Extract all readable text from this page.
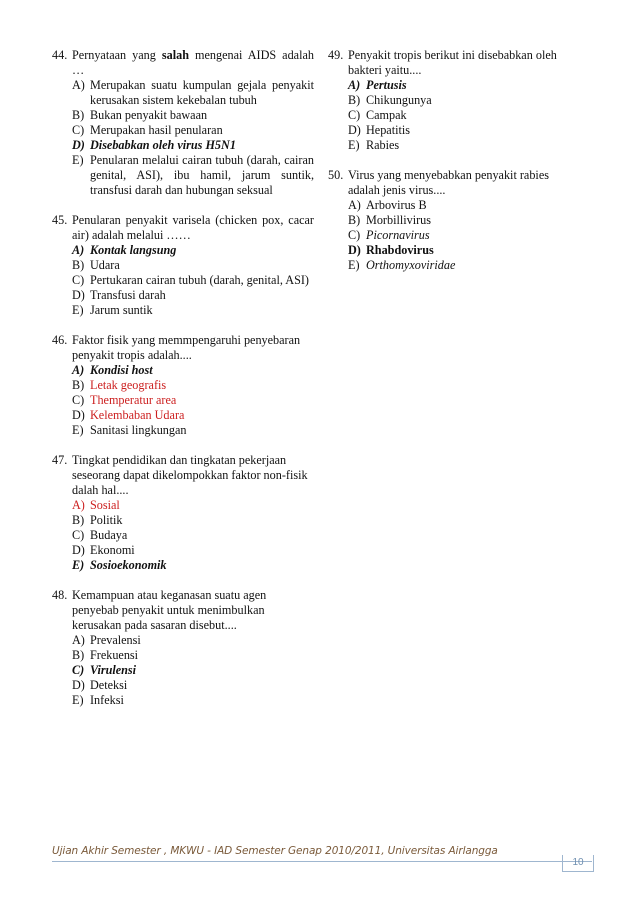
44. Pernyataan yang salah mengenai AIDS adalah …
A) Merupakan suatu kumpulan gejala penyakit kerusakan sistem kekebalan tubuh
B) Bukan penyakit bawaan
C) Merupakan hasil penularan
D) Disebabkan oleh virus H5N1
E) Penularan melalui cairan tubuh (darah, cairan genital, ASI), ibu hamil, jarum suntik, transfusi darah dan hubungan seksual
45. Penularan penyakit varisela (chicken pox, cacar air) adalah melalui ……
A) Kontak langsung
B) Udara
C) Pertukaran cairan tubuh (darah, genital, ASI)
D) Transfusi darah
E) Jarum suntik
46. Faktor fisik yang memmpengaruhi penyebaran penyakit tropis adalah....
A) Kondisi host
B) Letak geografis
C) Themperatur area
D) Kelembaban Udara
E) Sanitasi lingkungan
47. Tingkat pendidikan dan tingkatan pekerjaan seseorang dapat dikelompokkan faktor non-fisik dalah hal....
A) Sosial
B) Politik
C) Budaya
D) Ekonomi
E) Sosioekonomik
48. Kemampuan atau keganasan suatu agen penyebab penyakit untuk menimbulkan kerusakan pada sasaran disebut....
A) Prevalensi
B) Frekuensi
C) Virulensi
D) Deteksi
E) Infeksi
49. Penyakit tropis berikut ini disebabkan oleh bakteri yaitu....
A) Pertusis
B) Chikungunya
C) Campak
D) Hepatitis
E) Rabies
50. Virus yang menyebabkan penyakit rabies adalah jenis virus....
A) Arbovirus B
B) Morbillivirus
C) Picornavirus
D) Rhabdovirus
E) Orthomyxoviridae
Ujian Akhir Semester , MKWU - IAD Semester Genap 2010/2011, Universitas Airlangga
10
